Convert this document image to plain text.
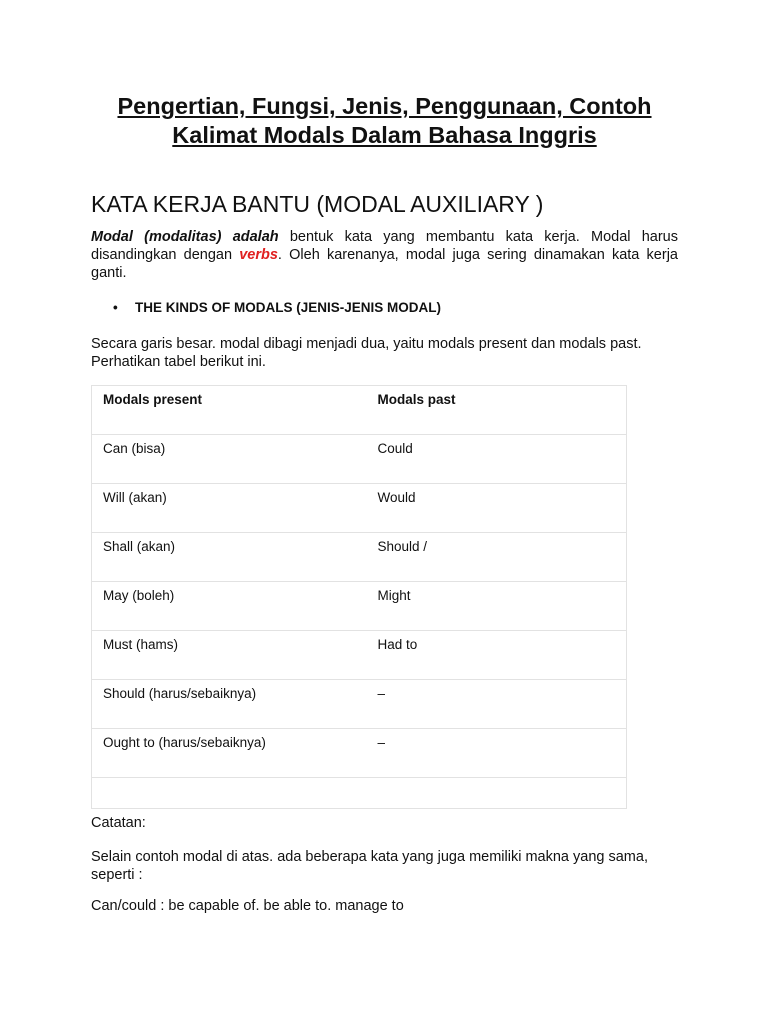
Pengertian, Fungsi, Jenis, Penggunaan, Contoh
Kalimat Modals Dalam Bahasa Inggris
KATA KERJA BANTU (MODAL AUXILIARY )

Modal (modalitas) adalah bentuk kata yang membantu kata kerja. Modal harus disandingkan dengan verbs. Oleh karenanya, modal juga sering dinamakan kata kerja ganti.

• THE KINDS OF MODALS (JENIS-JENIS MODAL)

Secara garis besar. modal dibagi menjadi dua, yaitu modals present dan modals past. Perhatikan tabel berikut ini.

Modals present	Modals past
Can (bisa)	Could
Will (akan)	Would
Shall (akan)	Should /
May (boleh)	Might
Must (hams)	Had to
Should (harus/sebaiknya)	–
Ought to (harus/sebaiknya)	–

Catatan:

Selain contoh modal di atas. ada beberapa kata yang juga memiliki makna yang sama, seperti :

Can/could : be capable of. be able to. manage to
